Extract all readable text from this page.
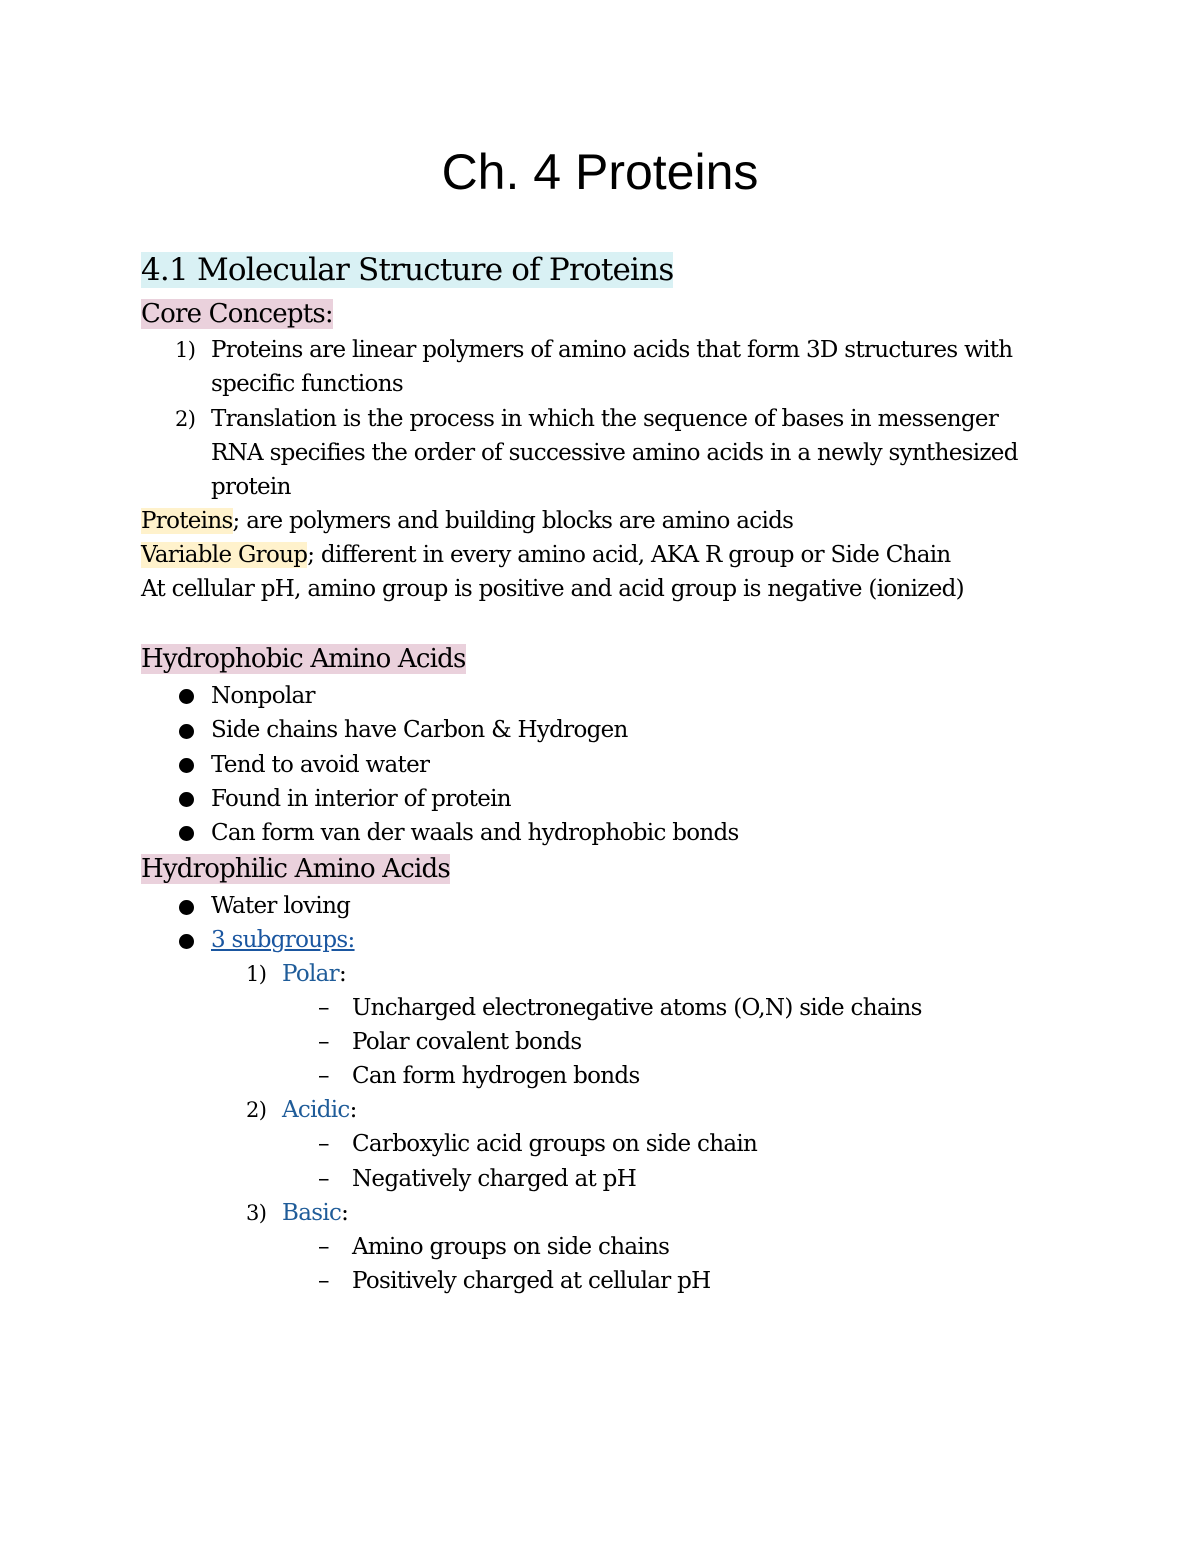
Ch. 4 Proteins
4.1 Molecular Structure of Proteins
Core Concepts:
1) Proteins are linear polymers of amino acids that form 3D structures with
specific functions
2) Translation is the process in which the sequence of bases in messenger
RNA specifies the order of successive amino acids in a newly synthesized
protein
Proteins; are polymers and building blocks are amino acids
Variable Group; different in every amino acid, AKA R group or Side Chain
At cellular pH, amino group is positive and acid group is negative (ionized)
Hydrophobic Amino Acids
Nonpolar
Side chains have Carbon & Hydrogen
Tend to avoid water
Found in interior of protein
Can form van der waals and hydrophobic bonds
Hydrophilic Amino Acids
Water loving
3 subgroups:
1) Polar:
– Uncharged electronegative atoms (O,N) side chains
– Polar covalent bonds
– Can form hydrogen bonds
2) Acidic:
– Carboxylic acid groups on side chain
– Negatively charged at pH
3) Basic:
– Amino groups on side chains
– Positively charged at cellular pH
